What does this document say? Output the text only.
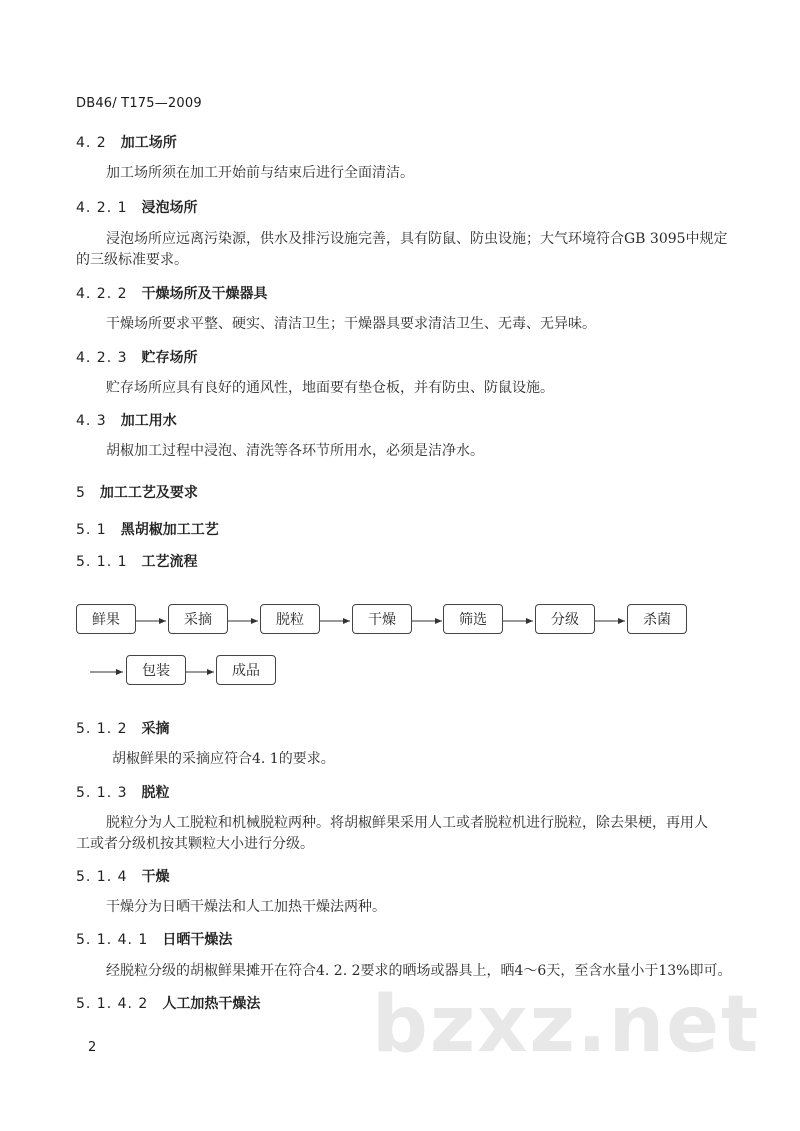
DB46/ T175—2009
4. 2 加工场所
加工场所须在加工开始前与结束后进行全面清洁。
4. 2. 1 浸泡场所
浸泡场所应远离污染源，供水及排污设施完善，具有防鼠、防虫设施；大气环境符合GB 3095中规定
的三级标准要求。
4. 2. 2 干燥场所及干燥器具
干燥场所要求平整、硬实、清洁卫生；干燥器具要求清洁卫生、无毒、无异味。
4. 2. 3 贮存场所
贮存场所应具有良好的通风性，地面要有垫仓板，并有防虫、防鼠设施。
4. 3 加工用水
胡椒加工过程中浸泡、清洗等各环节所用水，必须是洁净水。
5 加工工艺及要求
5. 1 黑胡椒加工工艺
5. 1. 1 工艺流程
鲜果	采摘	脱粒	干燥	筛选	分级	杀菌
包装	成品
5. 1. 2 采摘
胡椒鲜果的采摘应符合4. 1的要求。
5. 1. 3 脱粒
脱粒分为人工脱粒和机械脱粒两种。将胡椒鲜果采用人工或者脱粒机进行脱粒，除去果梗，再用人
工或者分级机按其颗粒大小进行分级。
5. 1. 4 干燥
干燥分为日晒干燥法和人工加热干燥法两种。
5. 1. 4. 1 日晒干燥法
经脱粒分级的胡椒鲜果摊开在符合4. 2. 2要求的晒场或器具上，晒4～6天，至含水量小于13%即可。
5. 1. 4. 2 人工加热干燥法 bzxz.net
2
